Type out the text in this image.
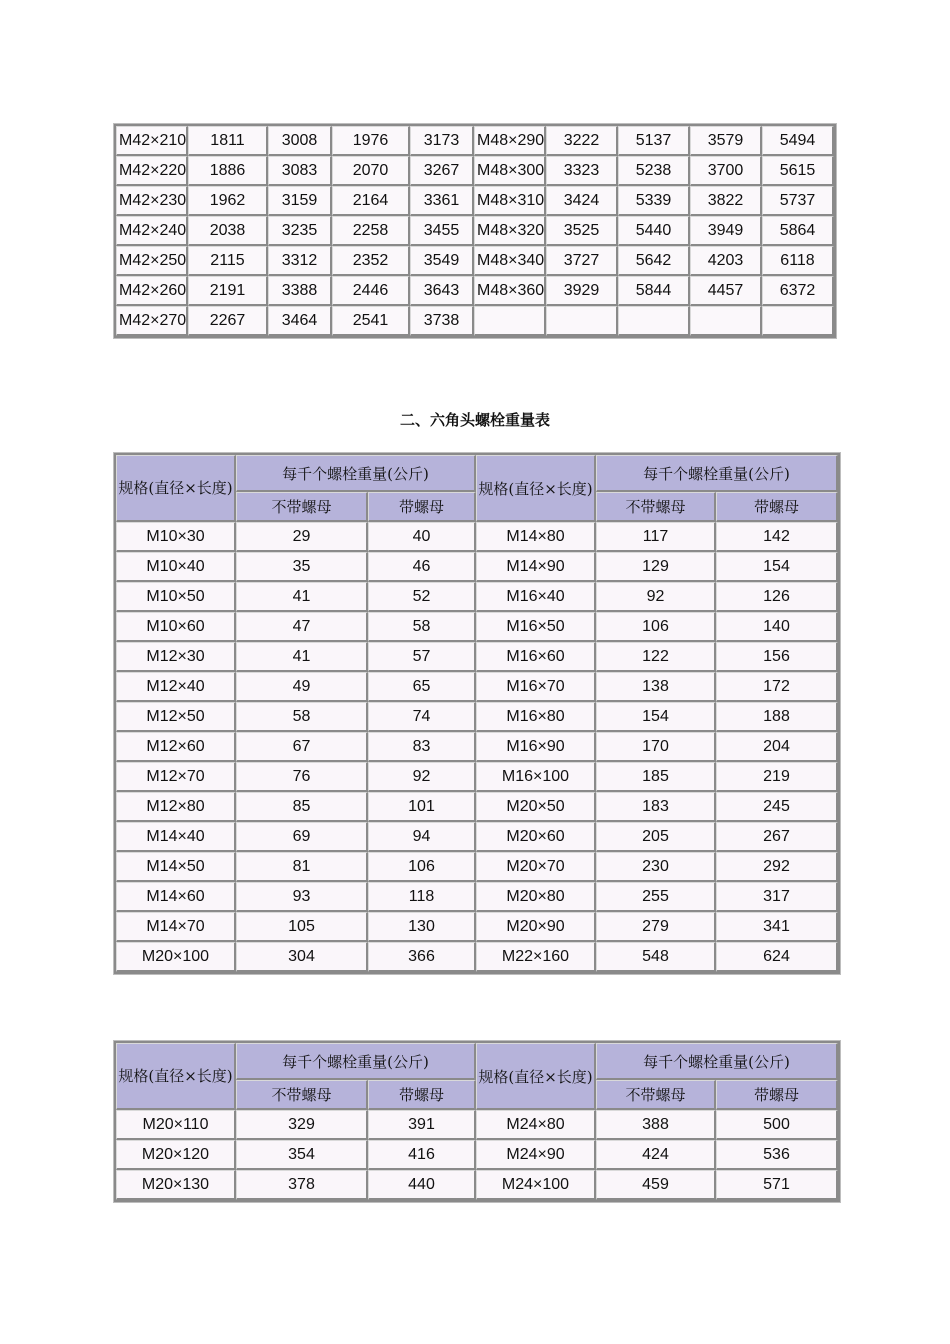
M42×210	1811	3008	1976	3173	M48×290	3222	5137	3579	5494
M42×220	1886	3083	2070	3267	M48×300	3323	5238	3700	5615
M42×230	1962	3159	2164	3361	M48×310	3424	5339	3822	5737
M42×240	2038	3235	2258	3455	M48×320	3525	5440	3949	5864
M42×250	2115	3312	2352	3549	M48×340	3727	5642	4203	6118
M42×260	2191	3388	2446	3643	M48×360	3929	5844	4457	6372
M42×270	2267	3464	2541	3738					
二、六角头螺栓重量表
规格(直径×长度)	每千个螺栓重量(公斤)		规格(直径×长度)	每千个螺栓重量(公斤)	
	不带螺母	带螺母		不带螺母	带螺母
M10×30	29	40	M14×80	117	142
M10×40	35	46	M14×90	129	154
M10×50	41	52	M16×40	92	126
M10×60	47	58	M16×50	106	140
M12×30	41	57	M16×60	122	156
M12×40	49	65	M16×70	138	172
M12×50	58	74	M16×80	154	188
M12×60	67	83	M16×90	170	204
M12×70	76	92	M16×100	185	219
M12×80	85	101	M20×50	183	245
M14×40	69	94	M20×60	205	267
M14×50	81	106	M20×70	230	292
M14×60	93	118	M20×80	255	317
M14×70	105	130	M20×90	279	341
M20×100	304	366	M22×160	548	624
规格(直径×长度)	每千个螺栓重量(公斤)		规格(直径×长度)	每千个螺栓重量(公斤)	
	不带螺母	带螺母		不带螺母	带螺母
M20×110	329	391	M24×80	388	500
M20×120	354	416	M24×90	424	536
M20×130	378	440	M24×100	459	571
